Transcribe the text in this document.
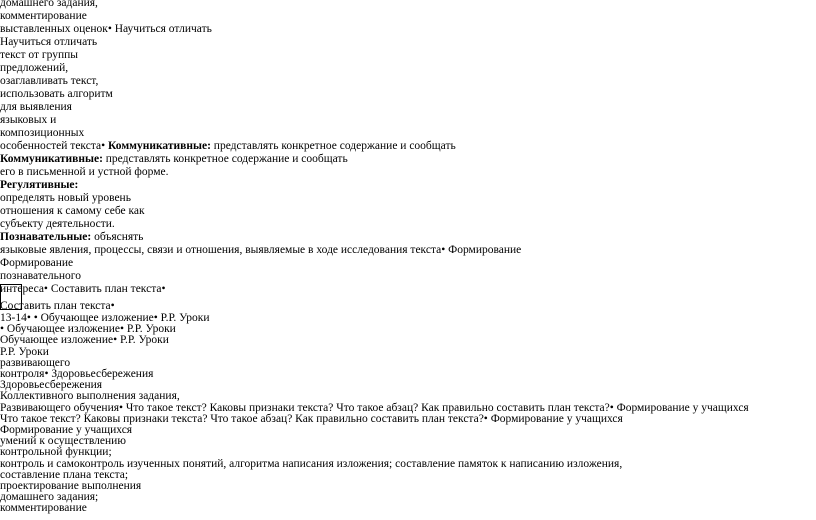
домашнего задания,
комментирование
выставленных оценок• Научиться отличать
Научиться отличать
текст от группы
предложений,
озаглавливать текст,
использовать алгоритм
для выявления
языковых и
композиционных
особенностей текста• Коммуникативные: представлять конкретное содержание и сообщать
Коммуникативные: представлять конкретное содержание и сообщать
его в письменной и устной форме.
Регулятивные:
определять новый уровень
отношения к самому себе как
субъекту деятельности.
Познавательные: объяснять
языковые явления, процессы, связи и отношения, выявляемые в ходе исследования текста• Формирование
Формирование
познавательного
интереса• Составить план текста•
Составить план текста•
13-14• • Обучающее изложение• Р.Р. Уроки
• Обучающее изложение• Р.Р. Уроки
Обучающее изложение• Р.Р. Уроки
Р.Р. Уроки
развивающего
контроля• Здоровьесбережения
Здоровьесбережения
Коллективного выполнения задания,
Развивающего обучения• Что такое текст? Каковы признаки текста? Что такое абзац? Как правильно составить план текста?• Формирование у учащихся
Что такое текст? Каковы признаки текста? Что такое абзац? Как правильно составить план текста?• Формирование у учащихся
Формирование у учащихся
умений к осуществлению
контрольной функции;
контроль и самоконтроль изученных понятий, алгоритма написания изложения; составление памяток к написанию изложения,
составление плана текста;
проектирование выполнения
домашнего задания;
комментирование
